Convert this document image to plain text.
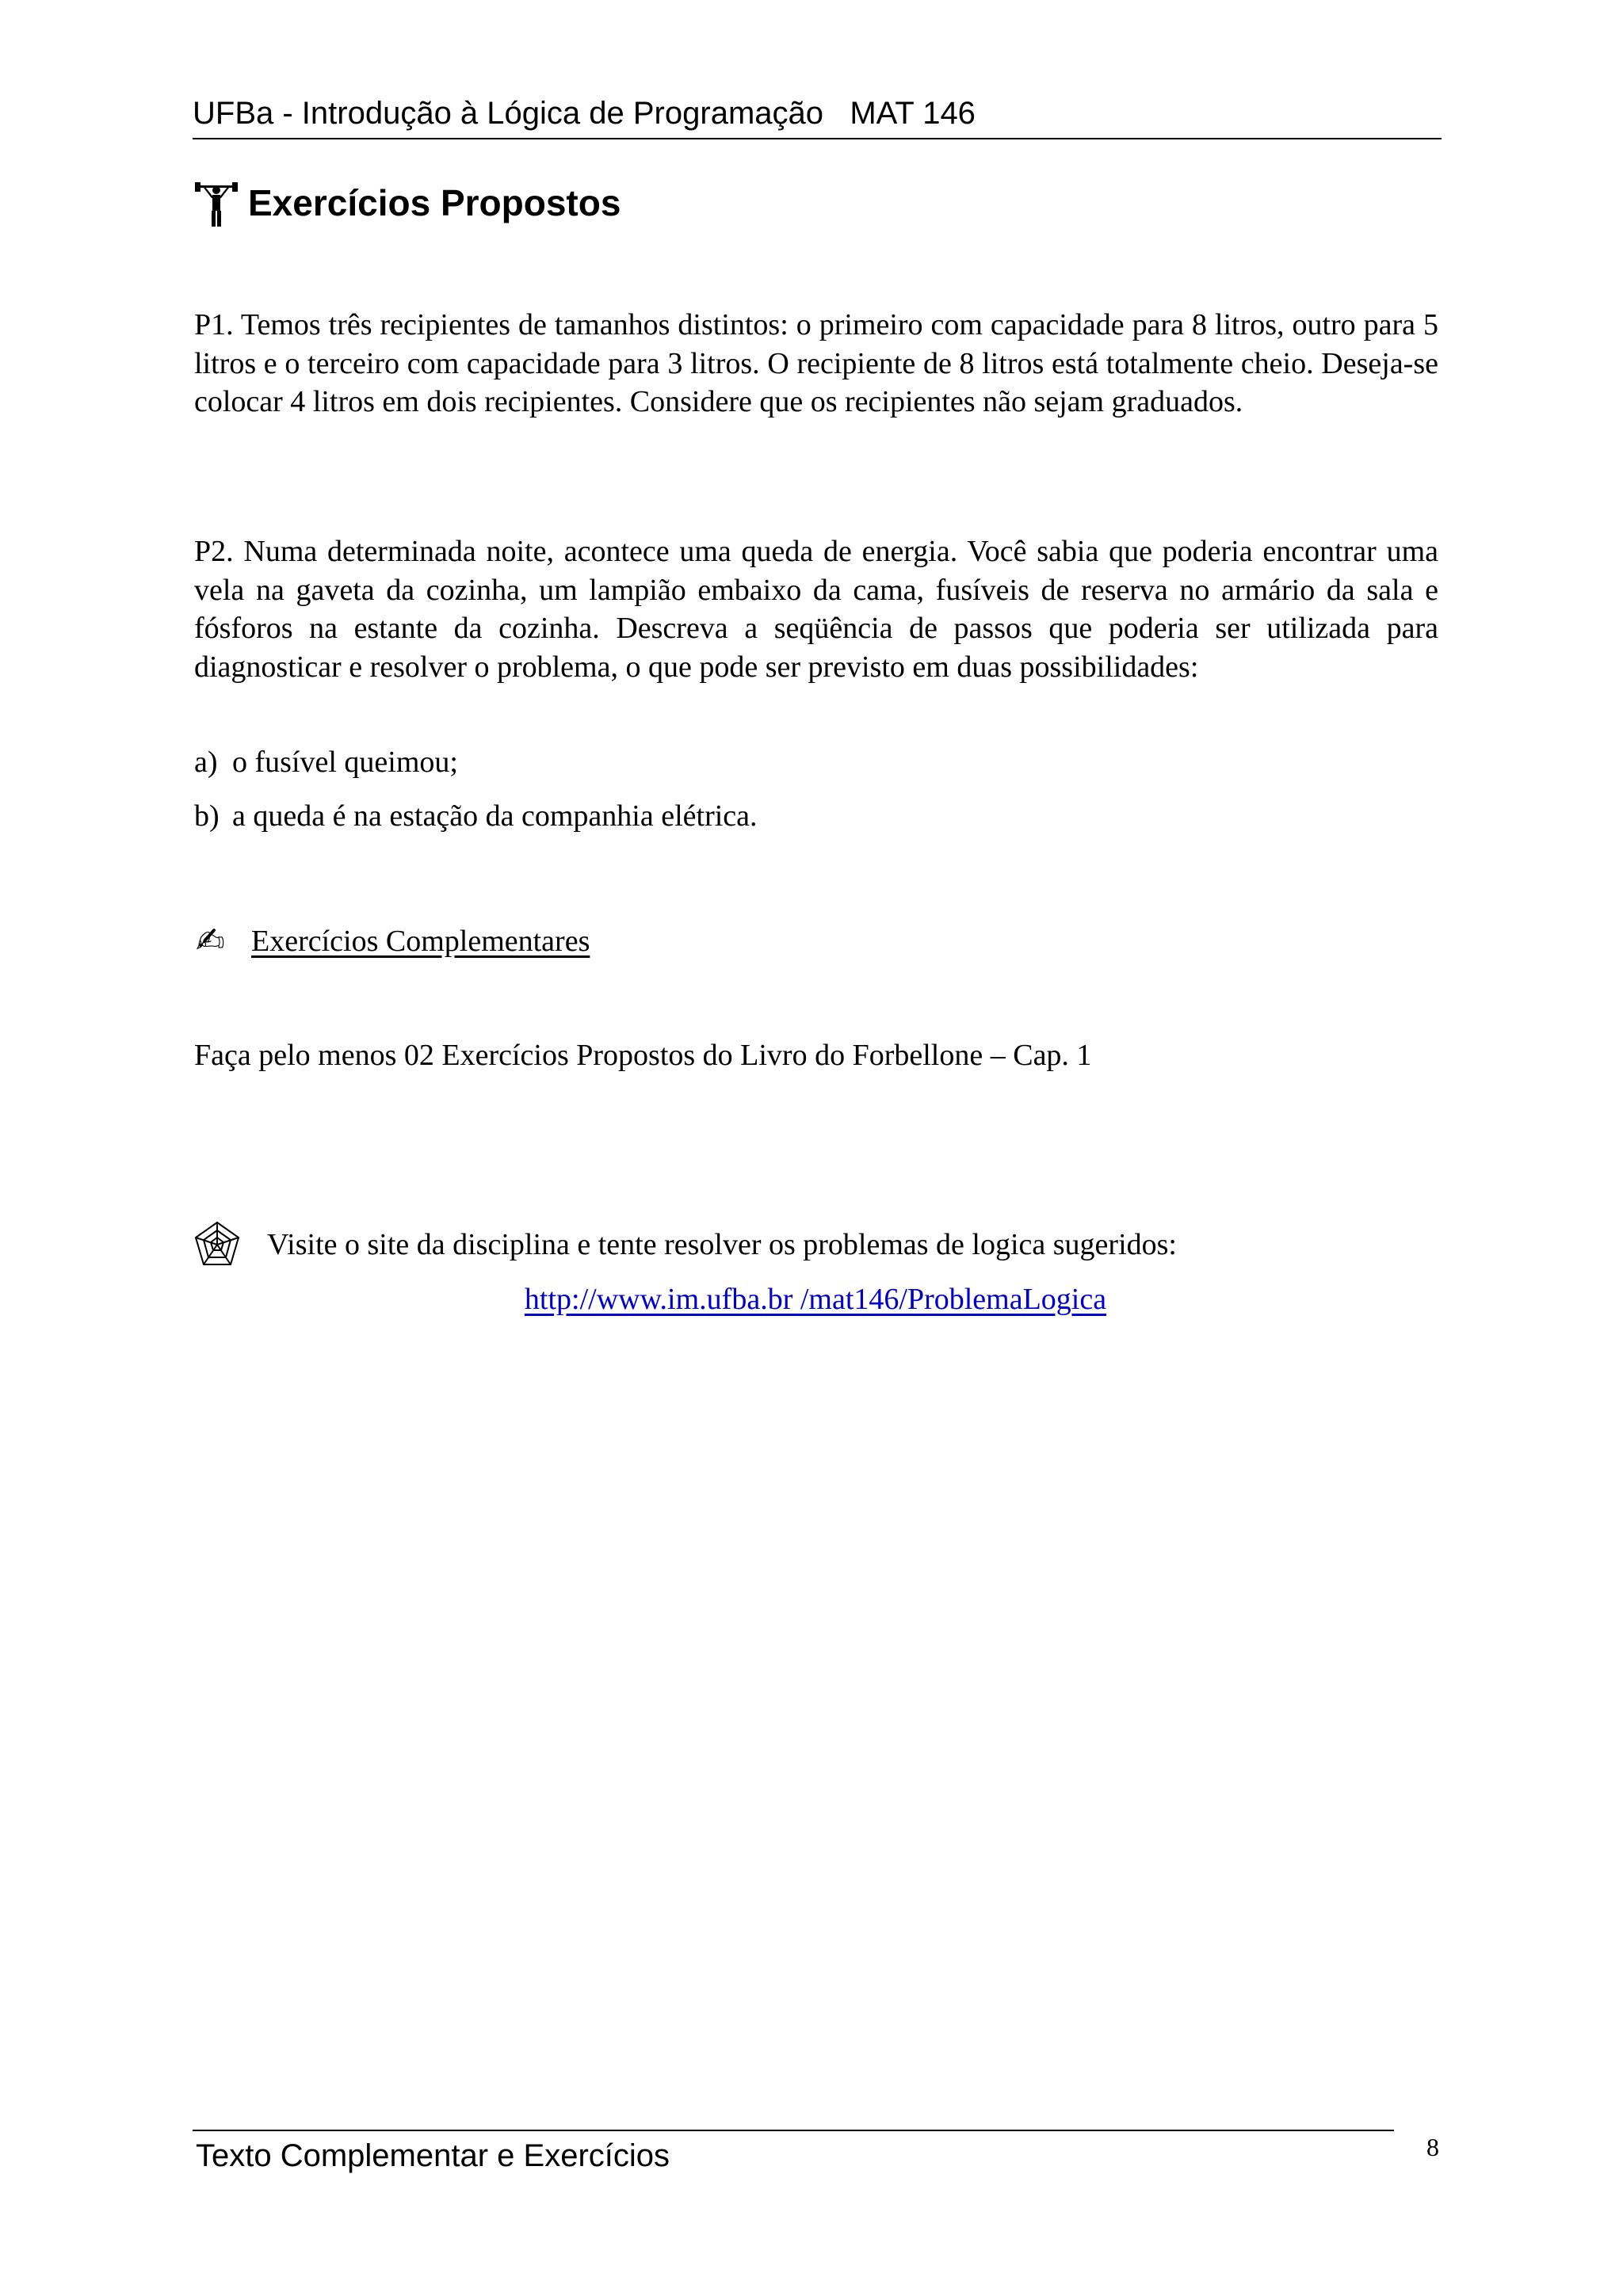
UFBa - Introdução à Lógica de Programação   MAT 146
Exercícios Propostos
P1. Temos três recipientes de tamanhos distintos: o primeiro com capacidade para 8 litros, outro para 5 litros e o terceiro com capacidade para 3 litros. O recipiente de 8 litros está totalmente cheio. Deseja-se colocar 4 litros em dois recipientes. Considere que os recipientes não sejam graduados.
P2. Numa determinada noite, acontece uma queda de energia. Você sabia que poderia encontrar uma vela na gaveta da cozinha, um lampião embaixo da cama, fusíveis de reserva no armário da sala e fósforos na estante da cozinha. Descreva a seqüência de passos que poderia ser utilizada para diagnosticar e resolver o problema, o que pode ser previsto em duas possibilidades:
a) o fusível queimou;
b) a queda é na estação da companhia elétrica.
✍ Exercícios Complementares
Faça pelo menos 02 Exercícios Propostos do Livro do Forbellone – Cap. 1
Visite o site da disciplina e tente resolver os problemas de logica sugeridos:
http://www.im.ufba.br /mat146/ProblemaLogica
Texto Complementar e Exercícios	8
